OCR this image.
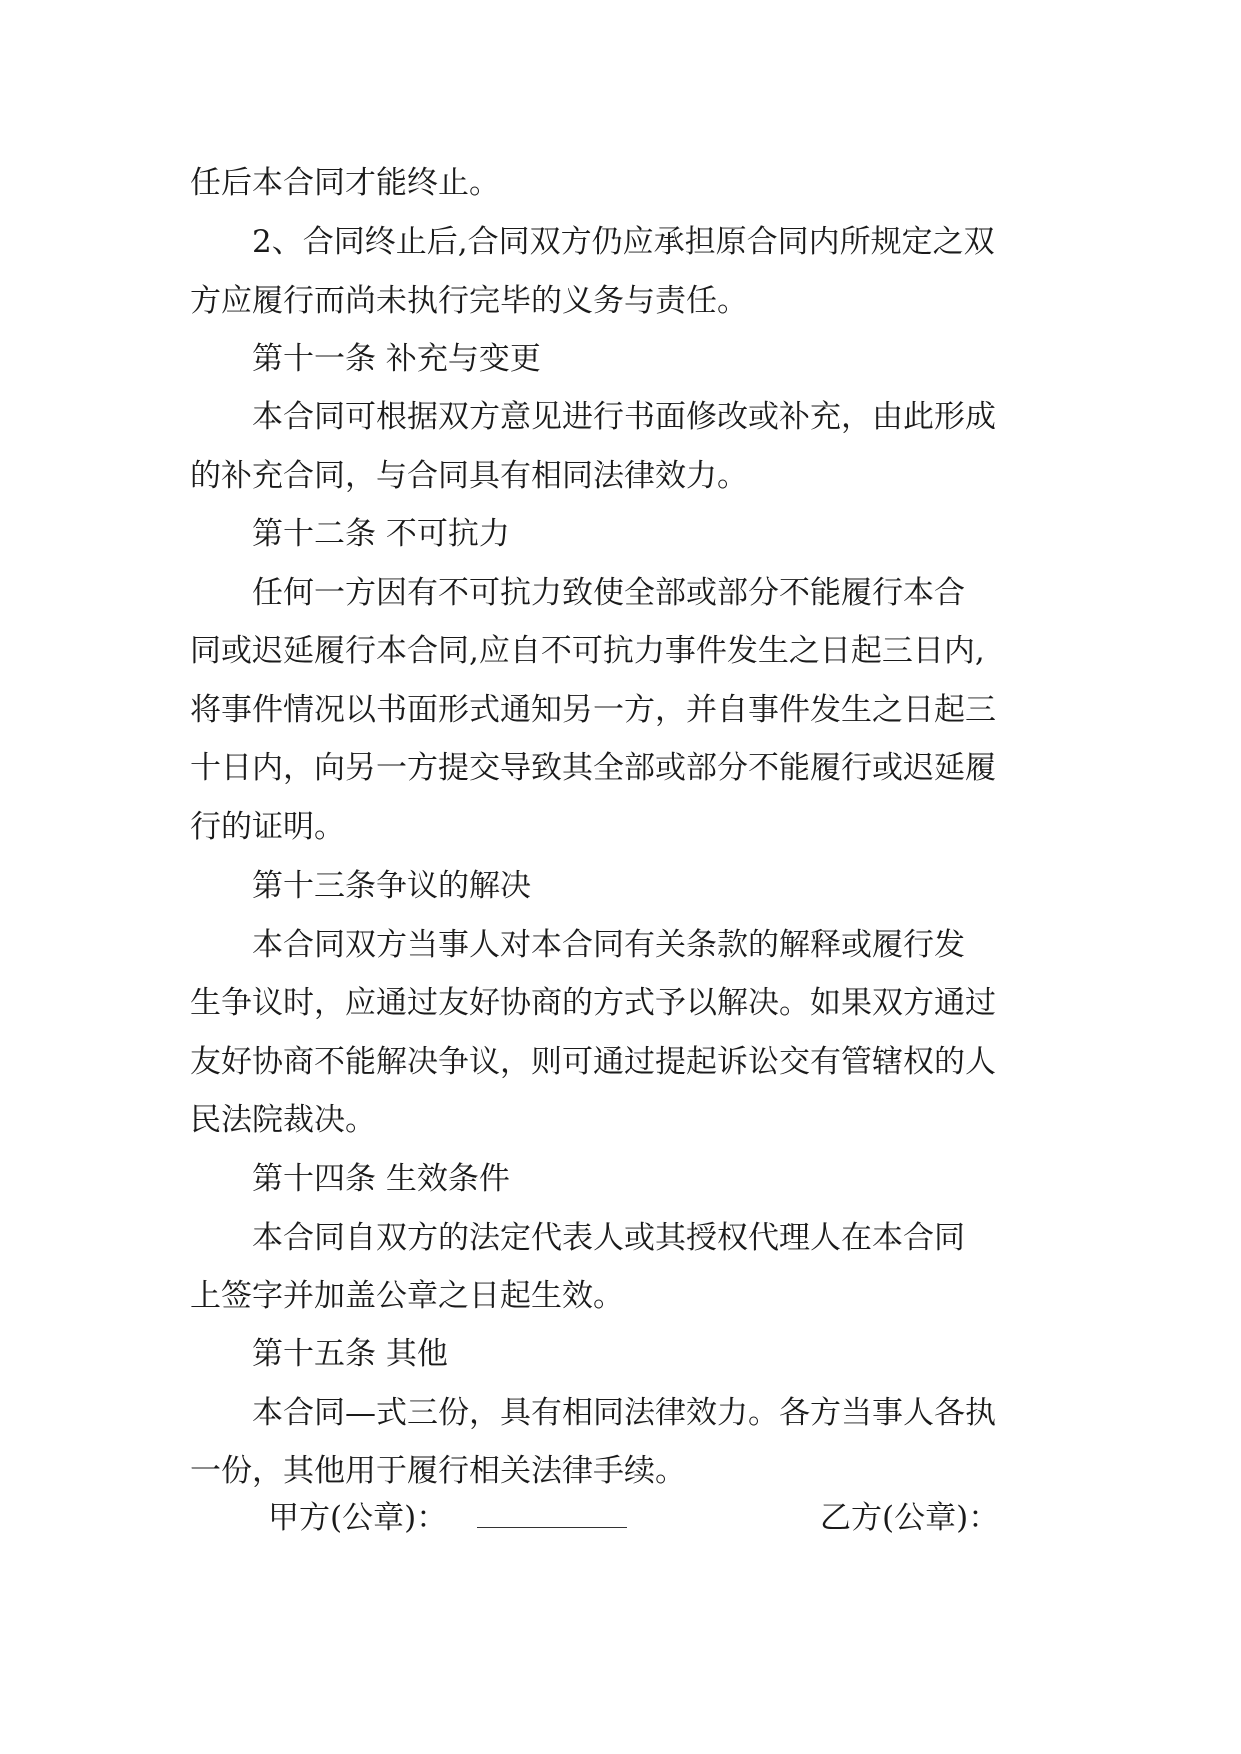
任后本合同才能终止。
2、合同终止后,合同双方仍应承担原合同内所规定之双
方应履行而尚未执行完毕的义务与责任。
第十一条 补充与变更
本合同可根据双方意见进行书面修改或补充，由此形成
的补充合同，与合同具有相同法律效力。
第十二条 不可抗力
任何一方因有不可抗力致使全部或部分不能履行本合
同或迟延履行本合同,应自不可抗力事件发生之日起三日内,
将事件情况以书面形式通知另一方，并自事件发生之日起三
十日内，向另一方提交导致其全部或部分不能履行或迟延履
行的证明。
第十三条争议的解决
本合同双方当事人对本合同有关条款的解释或履行发
生争议时，应通过友好协商的方式予以解决。如果双方通过
友好协商不能解决争议，则可通过提起诉讼交有管辖权的人
民法院裁决。
第十四条 生效条件
本合同自双方的法定代表人或其授权代理人在本合同
上签字并加盖公章之日起生效。
第十五条 其他
本合同—式三份，具有相同法律效力。各方当事人各执
一份，其他用于履行相关法律手续。
甲方(公章)：	乙方(公章)：
